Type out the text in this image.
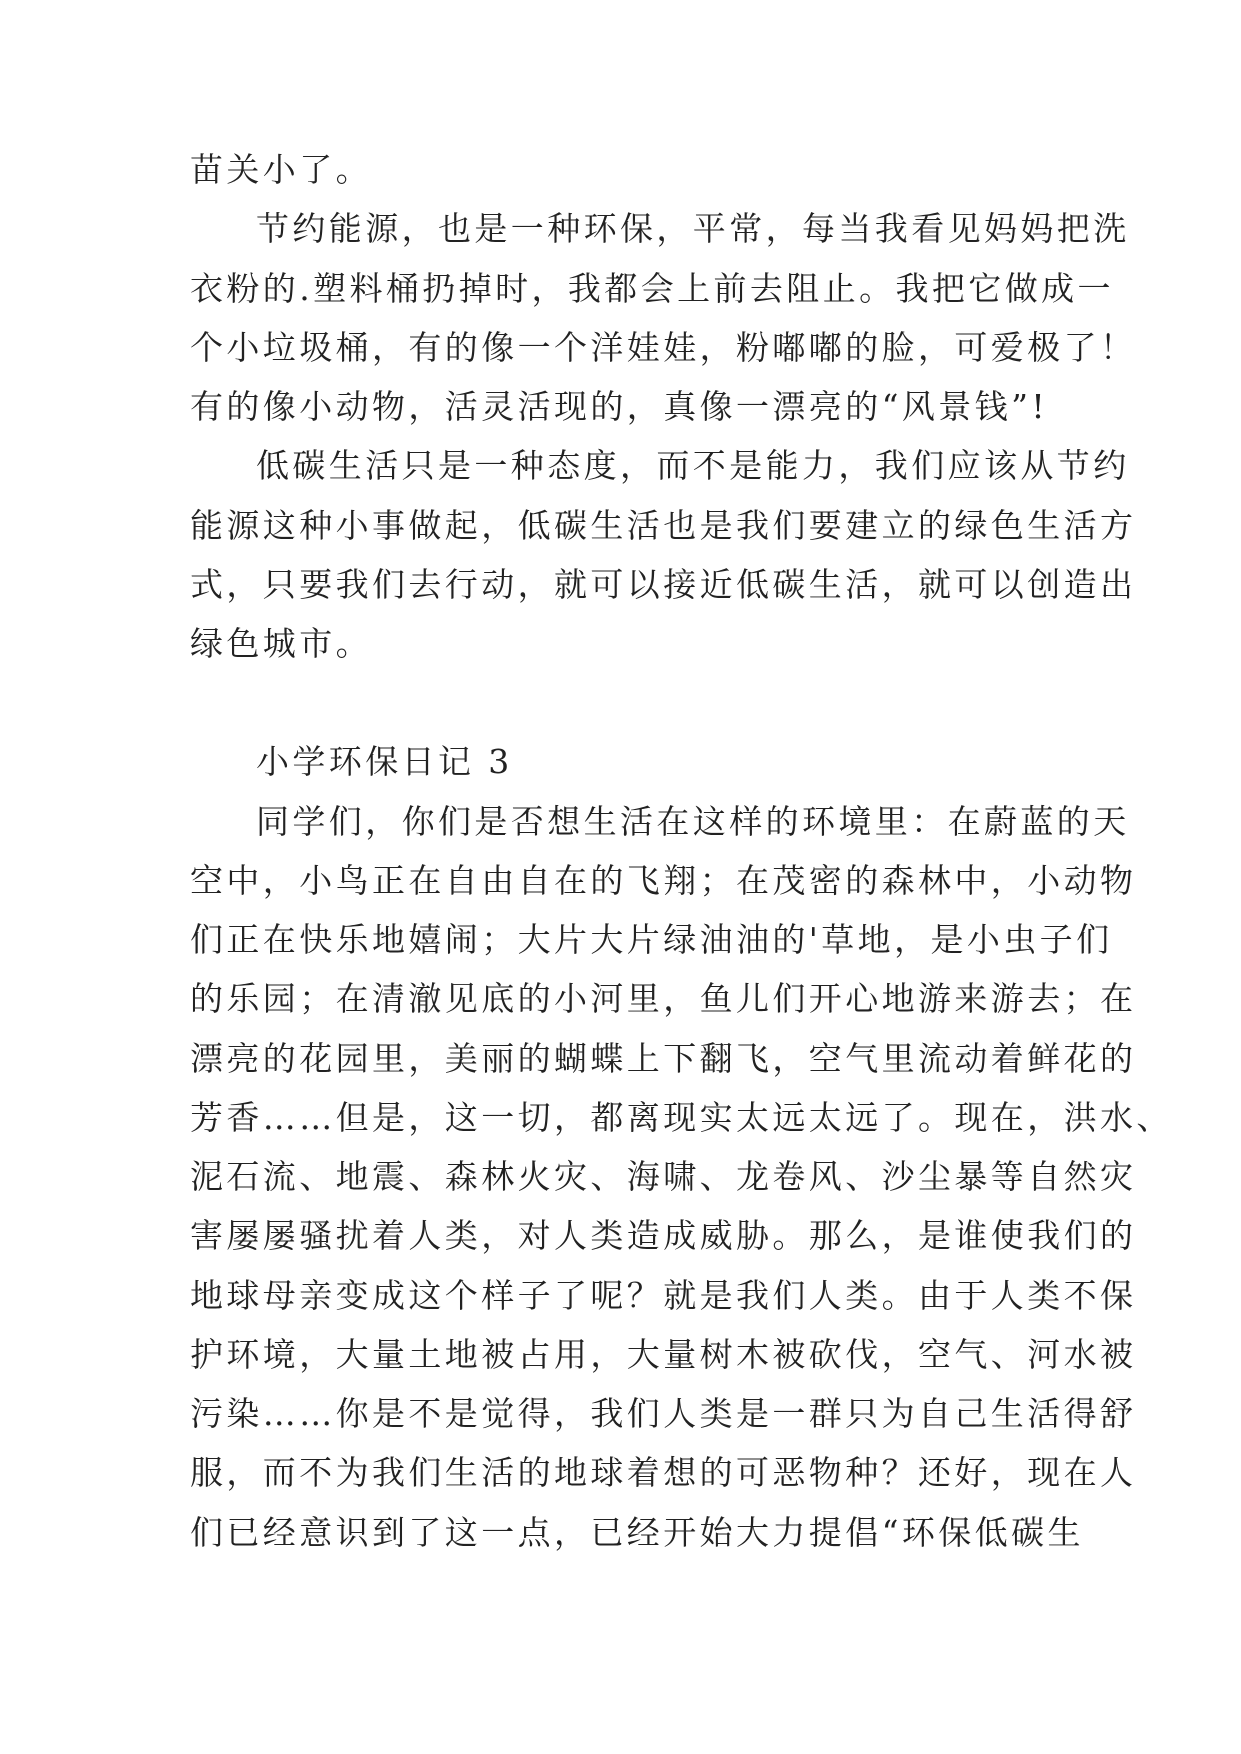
苗关小了。
节约能源，也是一种环保，平常，每当我看见妈妈把洗
衣粉的.塑料桶扔掉时，我都会上前去阻止。我把它做成一
个小垃圾桶，有的像一个洋娃娃，粉嘟嘟的脸，可爱极了！
有的像小动物，活灵活现的，真像一漂亮的“风景钱”!
低碳生活只是一种态度，而不是能力，我们应该从节约
能源这种小事做起，低碳生活也是我们要建立的绿色生活方
式，只要我们去行动，就可以接近低碳生活，就可以创造出
绿色城市。
小学环保日记 3
同学们，你们是否想生活在这样的环境里：在蔚蓝的天
空中，小鸟正在自由自在的飞翔；在茂密的森林中，小动物
们正在快乐地嬉闹；大片大片绿油油的'草地，是小虫子们
的乐园；在清澈见底的小河里，鱼儿们开心地游来游去；在
漂亮的花园里，美丽的蝴蝶上下翻飞，空气里流动着鲜花的
芳香……但是，这一切，都离现实太远太远了。现在，洪水、
泥石流、地震、森林火灾、海啸、龙卷风、沙尘暴等自然灾
害屡屡骚扰着人类，对人类造成威胁。那么，是谁使我们的
地球母亲变成这个样子了呢？就是我们人类。由于人类不保
护环境，大量土地被占用，大量树木被砍伐，空气、河水被
污染……你是不是觉得，我们人类是一群只为自己生活得舒
服，而不为我们生活的地球着想的可恶物种？还好，现在人
们已经意识到了这一点，已经开始大力提倡“环保低碳生
